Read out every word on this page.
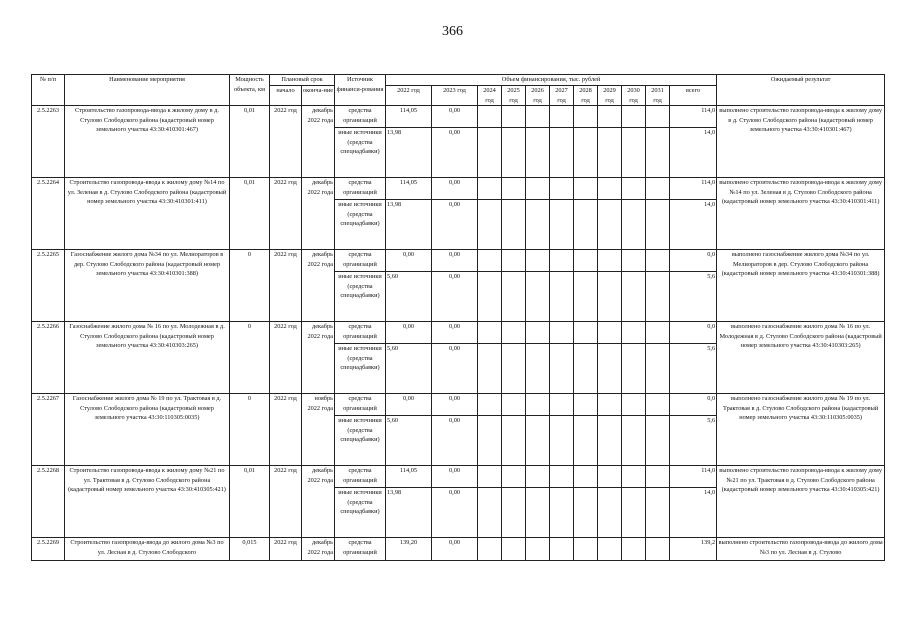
366
№ п/п	Наименование мероприятия	Мощность объекта, км	Плановый срок		Источник финанси-рования	Объем финансирования, тыс. рублей											Ожидаемый результат
			начало	оконча-ние		2022 год	2023 год	2024 год	2025 год	2026 год	2027 год	2028 год	2029 год	2030 год	2031 год	всего	
2.5.2263	Строительство газопровода-ввода к жилому дому в д. Стулово Слободского района (кадастровый номер земельного участка 43:30:410301:467)	0,01	2022 год	декабрь 2022 года	средства организаций	114,05	0,00									114,0	выполнено строительство газопровода-ввода к жилому дому в д. Стулово Слободского района (кадастровый номер земельного участка 43:30:410301:467)
					иные источники (средства спецнадбавки)	13,98	0,00									14,0	
2.5.2264	Строительство газопровода-ввода к жилому дому №14 по ул. Зеленая в д. Стулово Слободского района (кадастровый номер земельного участка 43:30:410301:411)	0,01	2022 год	декабрь 2022 года	средства организаций	114,05	0,00									114,0	выполнено строительство газопровода-ввода к жилому дому №14 по ул. Зеленая в д. Стулово Слободского района (кадастровый номер земельного участка 43:30:410301:411)
					иные источники (средства спецнадбавки)	13,98	0,00									14,0	
2.5.2265	Газоснабжение жилого дома №34 по ул. Мелиораторов в дер. Стулово Слободского района (кадастровый номер земельного участка 43:30:410301:388)	0	2022 год	декабрь 2022 года	средства организаций	0,00	0,00									0,0	выполнено газоснабжение жилого дома №34 по ул. Мелиораторов в дер. Стулово Слободского района (кадастровый номер земельного участка 43:30:410301:388)
					иные источники (средства спецнадбавки)	5,60	0,00									5,6	
2.5.2266	Газоснабжение жилого дома № 16 по ул. Молодежная в д. Стулово Слободского района (кадастровый номер земельного участка 43:30:410303:265)	0	2022 год	декабрь 2022 года	средства организаций	0,00	0,00									0,0	выполнено газоснабжение жилого дома № 16 по ул. Молодежная в д. Стулово Слободского района (кадастровый номер земельного участка 43:30:410303:265)
					иные источники (средства спецнадбавки)	5,60	0,00									5,6	
2.5.2267	Газоснабжение жилого дома № 19 по ул. Трактовая в д. Стулово Слободского района (кадастровый номер земельного участка 43:30:110305:0035)	0	2022 год	ноябрь 2022 года	средства организаций	0,00	0,00									0,0	выполнено газоснабжение жилого дома № 19 по ул. Трактовая в д. Стулово Слободского района (кадастровый номер земельного участка 43:30:110305:0035)
					иные источники (средства спецнадбавки)	5,60	0,00									5,6	
2.5.2268	Строительство газопровода-ввода к жилому дому №21 по ул. Трактовая в д. Стулово Слободского района (кадастровый номер земельного участка 43:30:410305:421)	0,01	2022 год	декабрь 2022 года	средства организаций	114,05	0,00									114,0	выполнено строительство газопровода-ввода к жилому дому №21 по ул. Трактовая в д. Стулово Слободского района (кадастровый номер земельного участка 43:30:410305:421)
					иные источники (средства спецнадбавки)	13,98	0,00									14,0	
2.5.2269	Строительство газопровода-ввода до жилого дома №3 по ул. Лесная в д. Стулово Слободского	0,015	2022 год	декабрь 2022 года	средства организаций	139,20	0,00									139,2	выполнено строительство газопровода-ввода до жилого дома №3 по ул. Лесная в д. Стулово
